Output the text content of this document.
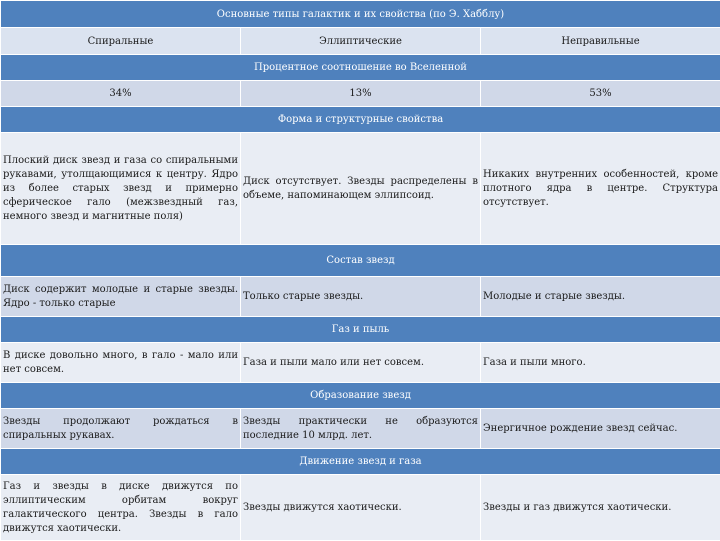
Основные типы галактик и их свойства (по Э. Хабблу)		
Спиральные	Эллиптические	Неправильные
Процентное соотношение во Вселенной		
34%	13%	53%
Форма и структурные свойства		
Плоский диск звезд и газа со спиральными рукавами, утолщающимися к центру. Ядро из более старых звезд и примерно сферическое гало (межзвездный газ, немного звезд и магнитные поля)	Диск отсутствует. Звезды распределены в объеме, напоминающем эллипсоид.	Никаких внутренних особенностей, кроме плотного ядра в центре. Структура отсутствует.
Состав звезд		
Диск содержит молодые и старые звезды. Ядро - только старые	Только старые звезды.	Молодые и старые звезды.
Газ и пыль		
В диске довольно много, в гало - мало или нет совсем.	Газа и пыли мало или нет совсем.	Газа и пыли много.
Образование звезд		
Звезды продолжают рождаться в спиральных рукавах.	Звезды практически не образуются последние 10 млрд. лет.	Энергичное рождение звезд сейчас.
Движение звезд и газа		
Газ и звезды в диске движутся по эллиптическим орбитам вокруг галактического центра. Звезды в гало движутся хаотически.	Звезды движутся хаотически.	Звезды и газ движутся хаотически.
